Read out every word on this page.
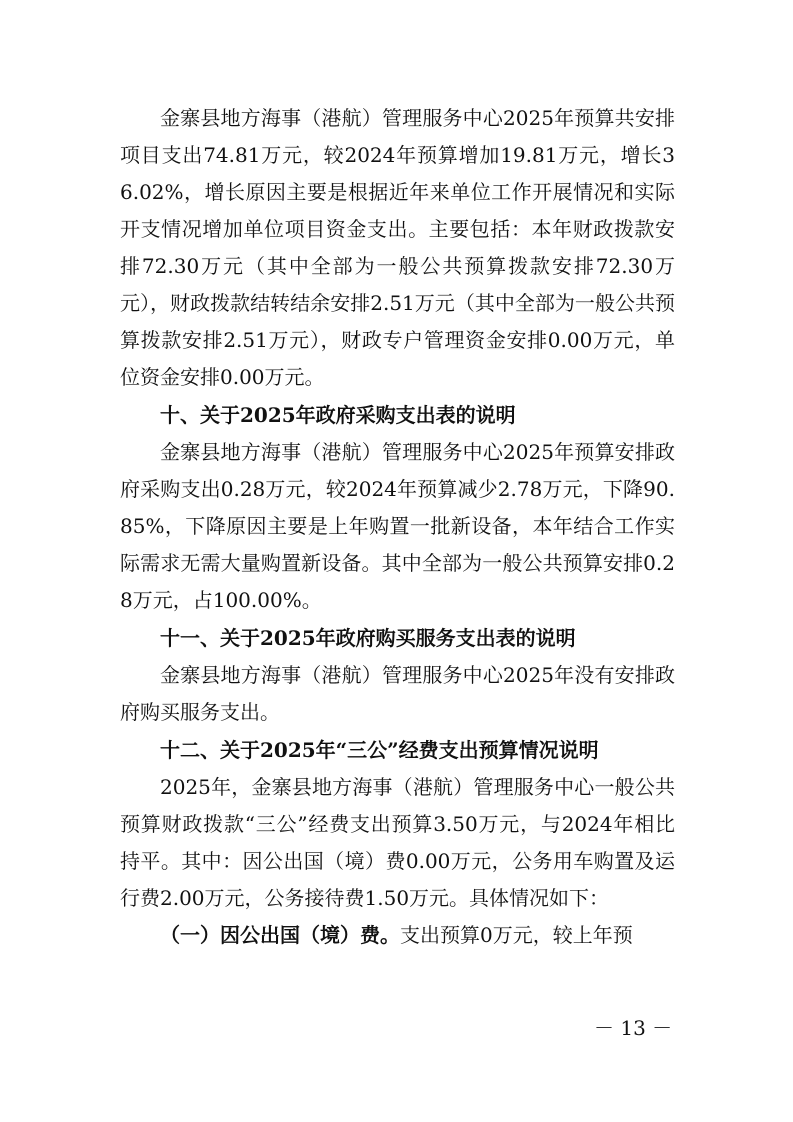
金寨县地方海事（港航）管理服务中心2025年预算共安排项目支出74.81万元，较2024年预算增加19.81万元，增长36.02%，增长原因主要是根据近年来单位工作开展情况和实际开支情况增加单位项目资金支出。主要包括：本年财政拨款安排72.30万元（其中全部为一般公共预算拨款安排72.30万元），财政拨款结转结余安排2.51万元（其中全部为一般公共预算拨款安排2.51万元），财政专户管理资金安排0.00万元，单位资金安排0.00万元。

十、关于2025年政府采购支出表的说明

金寨县地方海事（港航）管理服务中心2025年预算安排政府采购支出0.28万元，较2024年预算减少2.78万元，下降90.85%，下降原因主要是上年购置一批新设备，本年结合工作实际需求无需大量购置新设备。其中全部为一般公共预算安排0.28万元，占100.00%。

十一、关于2025年政府购买服务支出表的说明

金寨县地方海事（港航）管理服务中心2025年没有安排政府购买服务支出。

十二、关于2025年“三公”经费支出预算情况说明

2025年，金寨县地方海事（港航）管理服务中心一般公共预算财政拨款“三公”经费支出预算3.50万元，与2024年相比持平。其中：因公出国（境）费0.00万元，公务用车购置及运行费2.00万元，公务接待费1.50万元。具体情况如下：

（一）因公出国（境）费。支出预算0万元，较上年预

－ 13 －
